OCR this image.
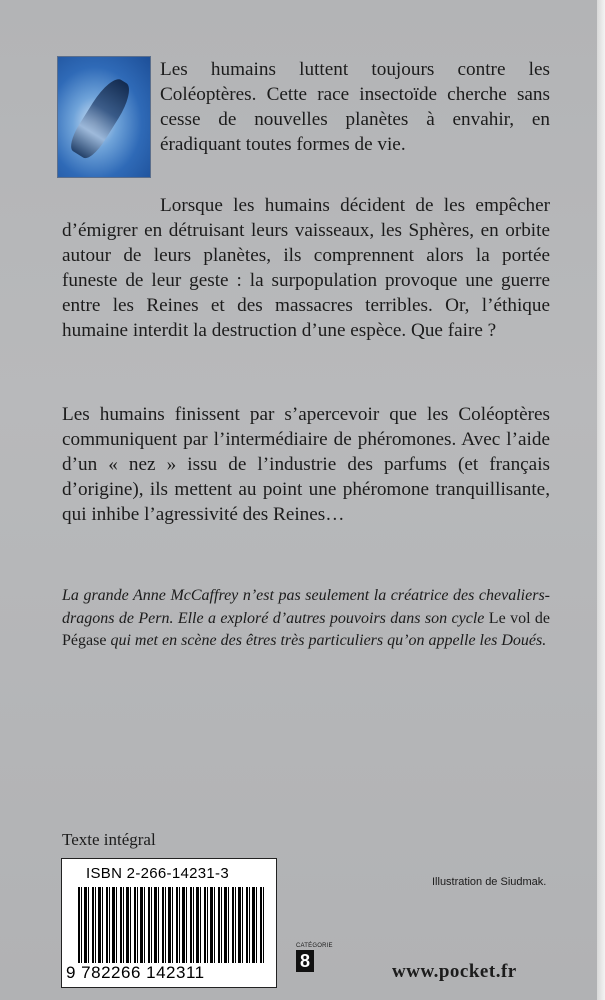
Les humains luttent toujours contre les Coléoptères. Cette race insectoïde cherche sans cesse de nouvelles planètes à envahir, en éradiquant toutes formes de vie.
Lorsque les humains décident de les empêcher d’émigrer en détruisant leurs vaisseaux, les Sphères, en orbite autour de leurs planètes, ils comprennent alors la portée funeste de leur geste : la surpopulation provoque une guerre entre les Reines et des massacres terribles. Or, l’éthique humaine interdit la destruction d’une espèce. Que faire ?
Les humains finissent par s’apercevoir que les Coléoptères communiquent par l’intermédiaire de phéromones. Avec l’aide d’un « nez » issu de l’industrie des parfums (et français d’origine), ils mettent au point une phéromone tranquillisante, qui inhibe l’agressivité des Reines…
La grande Anne McCaffrey n’est pas seulement la créatrice des chevaliers-dragons de Pern. Elle a exploré d’autres pouvoirs dans son cycle Le vol de Pégase qui met en scène des êtres très particuliers qu’on appelle les Doués.
Texte intégral
ISBN 2-266-14231-3
9 782266 142311
Illustration de Siudmak.
CATÉGORIE
8	www.pocket.fr
